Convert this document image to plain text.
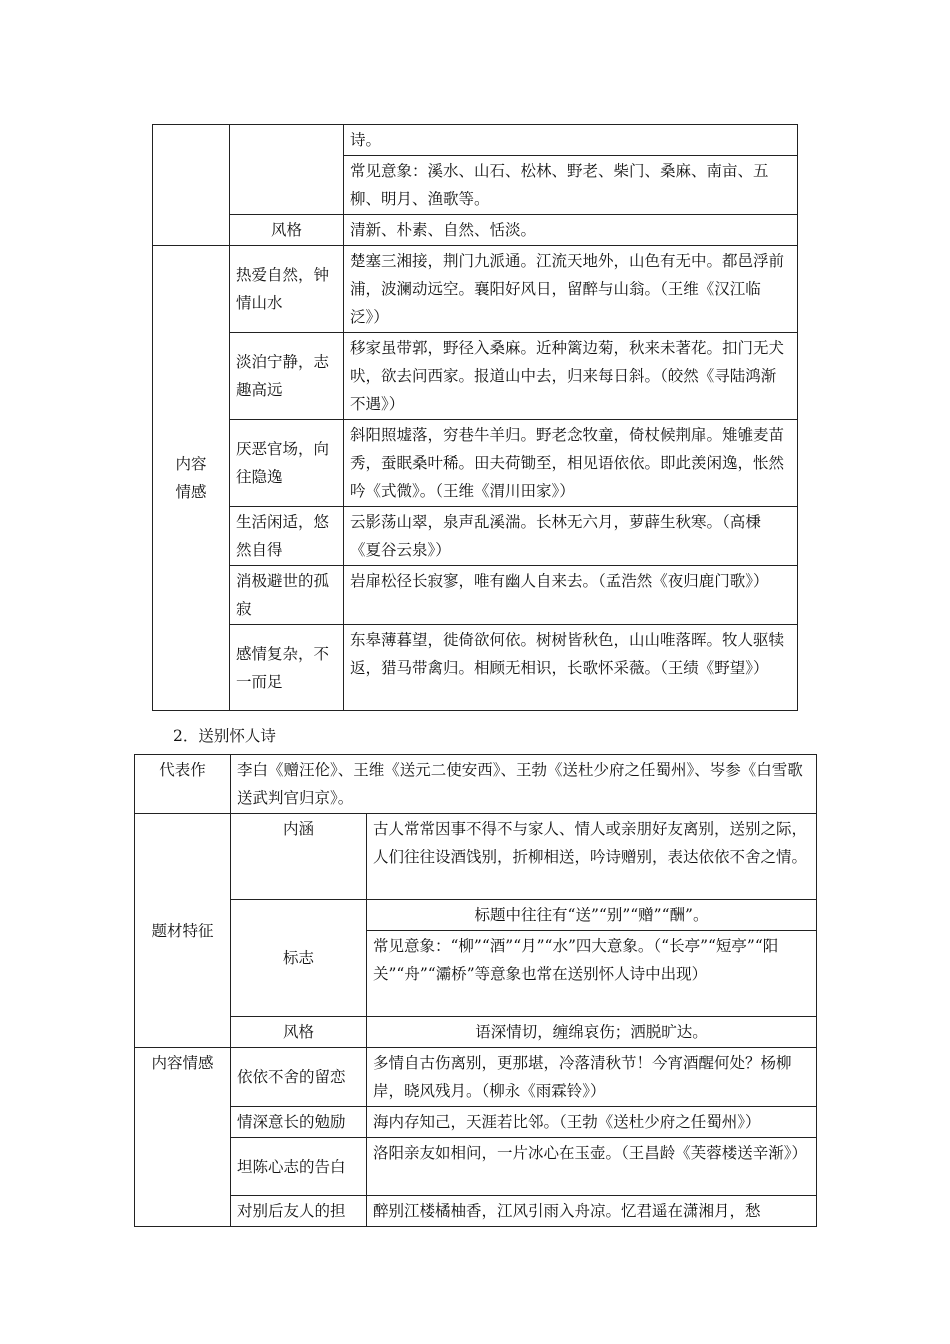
		诗。
		常见意象：溪水、山石、松林、野老、柴门、桑麻、南亩、五柳、明月、渔歌等。
	风格	清新、朴素、自然、恬淡。

内容
情感	热爱自然，钟情山水	楚塞三湘接，荆门九派通。江流天地外，山色有无中。都邑浮前浦，波澜动远空。襄阳好风日，留醉与山翁。（王维《汉江临泛》）
	淡泊宁静，志趣高远	移家虽带郭，野径入桑麻。近种篱边菊，秋来未著花。扣门无犬吠，欲去问西家。报道山中去，归来每日斜。（皎然《寻陆鸿渐不遇》）
	厌恶官场，向往隐逸	斜阳照墟落，穷巷牛羊归。野老念牧童，倚杖候荆扉。雉雊麦苗秀，蚕眠桑叶稀。田夫荷锄至，相见语依依。即此羡闲逸，怅然吟《式微》。（王维《渭川田家》）
	生活闲适，悠然自得	云影荡山翠，泉声乱溪湍。长林无六月，萝薜生秋寒。（高棅《夏谷云泉》）
	消极避世的孤寂	岩扉松径长寂寥，唯有幽人自来去。（孟浩然《夜归鹿门歌》）
	感情复杂，不一而足	东皋薄暮望，徙倚欲何依。树树皆秋色，山山唯落晖。牧人驱犊返，猎马带禽归。相顾无相识，长歌怀采薇。（王绩《野望》）
2．送别怀人诗
代表作	李白《赠汪伦》、王维《送元二使安西》、王勃《送杜少府之任蜀州》、岑参《白雪歌送武判官归京》。	
题材特征	内涵	古人常常因事不得不与家人、情人或亲朋好友离别，送别之际，人们往往设酒饯别，折柳相送，吟诗赠别，表达依依不舍之情。
	标志	标题中往往有“送”“别”“赠”“酬”。
		常见意象：“柳”“酒”“月”“水”四大意象。（“长亭”“短亭”“阳关”“舟”“灞桥”等意象也常在送别怀人诗中出现）
	风格	语深情切，缠绵哀伤；洒脱旷达。
内容情感	依依不舍的留恋	多情自古伤离别，更那堪，冷落清秋节！今宵酒醒何处？杨柳岸，晓风残月。（柳永《雨霖铃》）
	情深意长的勉励	海内存知己，天涯若比邻。（王勃《送杜少府之任蜀州》）
	坦陈心志的告白	洛阳亲友如相问，一片冰心在玉壶。（王昌龄《芙蓉楼送辛渐》）
	对别后友人的担	醉别江楼橘柚香，江风引雨入舟凉。忆君遥在潇湘月，愁
